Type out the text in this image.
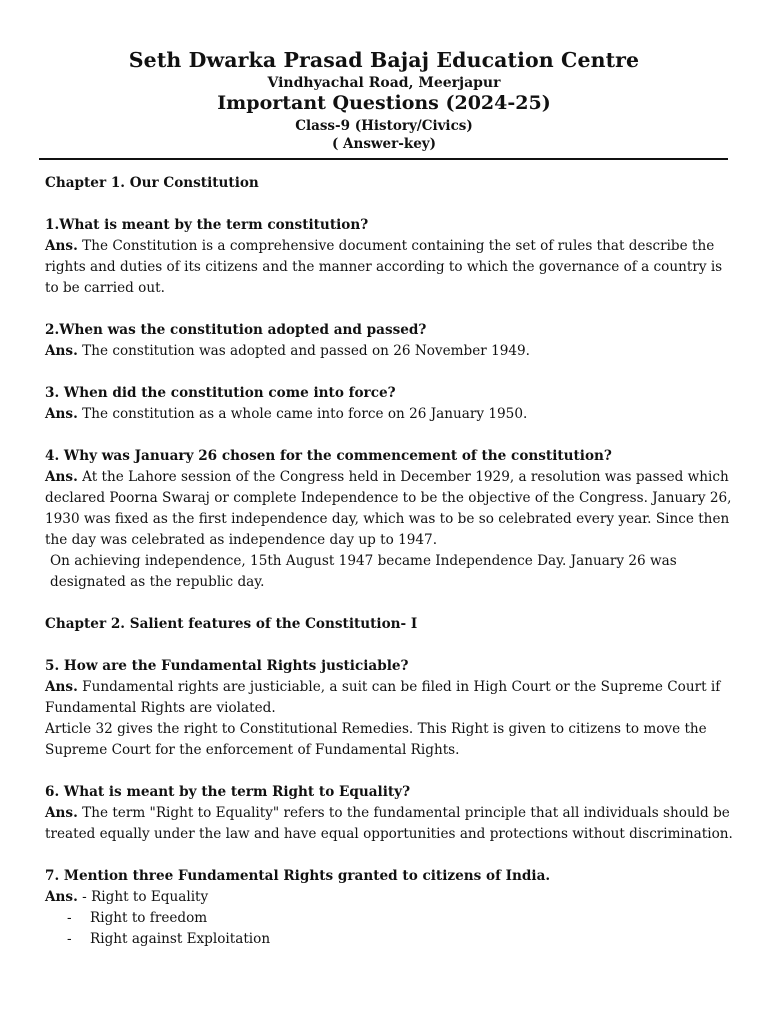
Seth Dwarka Prasad Bajaj Education Centre
Vindhyachal Road, Meerjapur
Important Questions (2024-25)
Class-9 (History/Civics)
( Answer-key)

Chapter 1. Our Constitution

1.What is meant by the term constitution?

Ans. The Constitution is a comprehensive document containing the set of rules that describe the rights and duties of its citizens and the manner according to which the governance of a country is to be carried out.

2.When was the constitution adopted and passed?

Ans. The constitution was adopted and passed on 26 November 1949.

3. When did the constitution come into force?

Ans. The constitution as a whole came into force on 26 January 1950.

4. Why was January 26 chosen for the commencement of the constitution?

Ans. At the Lahore session of the Congress held in December 1929, a resolution was passed which declared Poorna Swaraj or complete Independence to be the objective of the Congress. January 26, 1930 was fixed as the first independence day, which was to be so celebrated every year. Since then the day was celebrated as independence day up to 1947.

On achieving independence, 15th August 1947 became Independence Day. January 26 was designated as the republic day.

Chapter 2. Salient features of the Constitution- I

5. How are the Fundamental Rights justiciable?

Ans. Fundamental rights are justiciable, a suit can be filed in High Court or the Supreme Court if Fundamental Rights are violated.

Article 32 gives the right to Constitutional Remedies. This Right is given to citizens to move the Supreme Court for the enforcement of Fundamental Rights.

6. What is meant by the term Right to Equality?

Ans. The term "Right to Equality" refers to the fundamental principle that all individuals should be treated equally under the law and have equal opportunities and protections without discrimination.

7. Mention three Fundamental Rights granted to citizens of India.

Ans. - Right to Equality

- Right to freedom
- Right against Exploitation
